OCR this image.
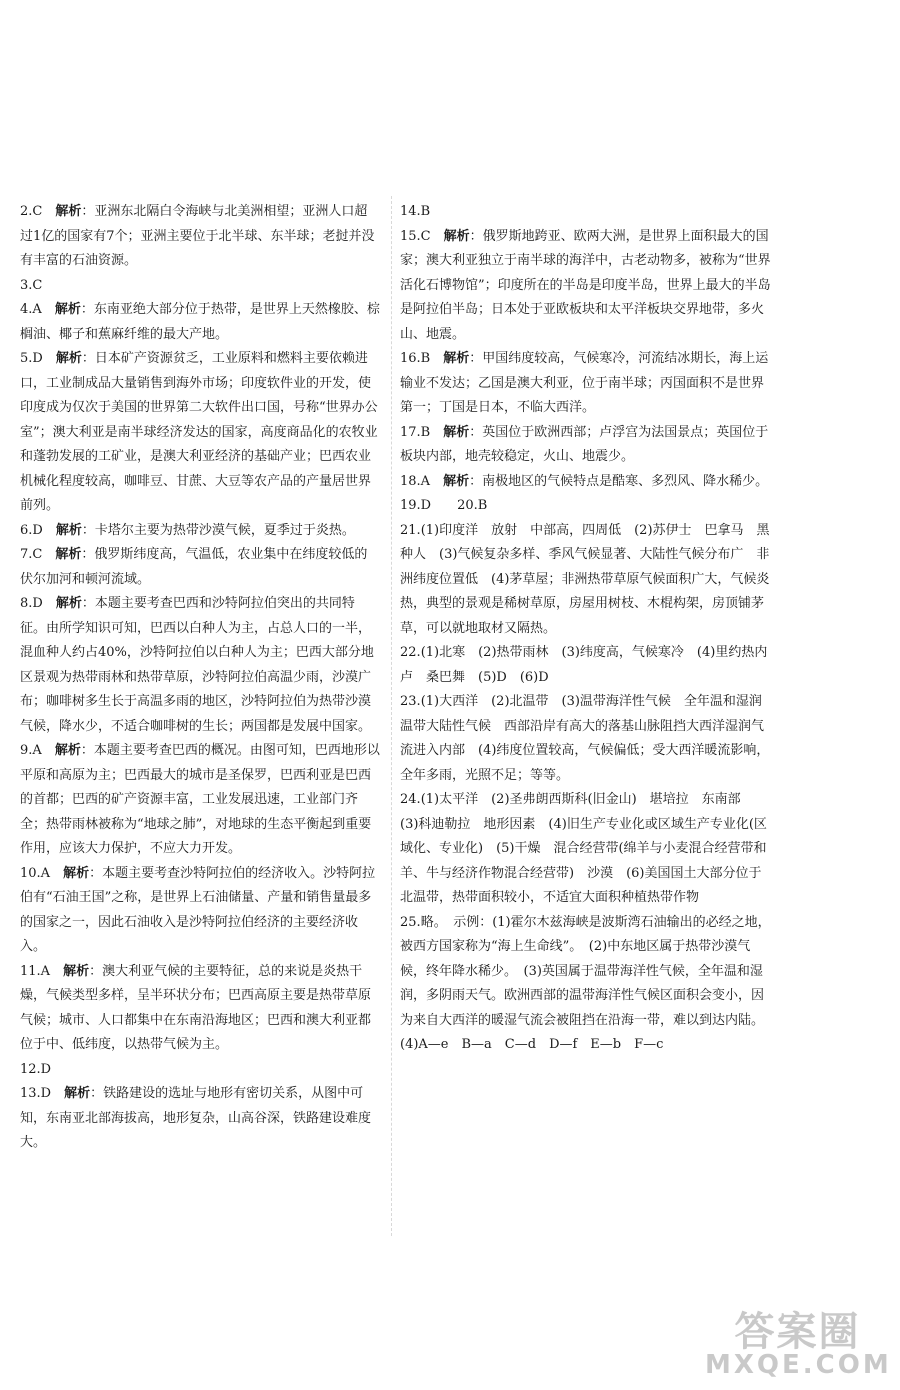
2.C　 解析：亚洲东北隔白令海峡与北美洲相望；亚洲人口超过1亿的国家有7个；亚洲主要位于北半球、东半球；老挝并没有丰富的石油资源。

3.C

4.A　 解析：东南亚绝大部分位于热带，是世界上天然橡胶、棕榈油、椰子和蕉麻纤维的最大产地。

5.D　 解析：日本矿产资源贫乏，工业原料和燃料主要依赖进口，工业制成品大量销售到海外市场；印度软件业的开发，使印度成为仅次于美国的世界第二大软件出口国，号称“世界办公室”；澳大利亚是南半球经济发达的国家，高度商品化的农牧业和蓬勃发展的工矿业，是澳大利亚经济的基础产业；巴西农业机械化程度较高，咖啡豆、甘蔗、大豆等农产品的产量居世界前列。

6.D　 解析：卡塔尔主要为热带沙漠气候，夏季过于炎热。

7.C　 解析：俄罗斯纬度高，气温低，农业集中在纬度较低的伏尔加河和顿河流域。

8.D　 解析：本题主要考查巴西和沙特阿拉伯突出的共同特征。由所学知识可知，巴西以白种人为主，占总人口的一半，混血种人约占40%，沙特阿拉伯以白种人为主；巴西大部分地区景观为热带雨林和热带草原，沙特阿拉伯高温少雨，沙漠广布；咖啡树多生长于高温多雨的地区，沙特阿拉伯为热带沙漠气候，降水少，不适合咖啡树的生长；两国都是发展中国家。

9.A　 解析：本题主要考查巴西的概况。由图可知，巴西地形以平原和高原为主；巴西最大的城市是圣保罗，巴西利亚是巴西的首都；巴西的矿产资源丰富，工业发展迅速，工业部门齐全；热带雨林被称为“地球之肺”，对地球的生态平衡起到重要作用，应该大力保护，不应大力开发。

10.A　 解析：本题主要考查沙特阿拉伯的经济收入。沙特阿拉伯有“石油王国”之称，是世界上石油储量、产量和销售量最多的国家之一，因此石油收入是沙特阿拉伯经济的主要经济收入。

11.A　 解析：澳大利亚气候的主要特征，总的来说是炎热干燥，气候类型多样，呈半环状分布；巴西高原主要是热带草原气候；城市、人口都集中在东南沿海地区；巴西和澳大利亚都位于中、低纬度，以热带气候为主。

12.D

13.D　 解析：铁路建设的选址与地形有密切关系，从图中可知，东南亚北部海拔高，地形复杂，山高谷深，铁路建设难度大。

14.B

15.C　 解析：俄罗斯地跨亚、欧两大洲，是世界上面积最大的国家；澳大利亚独立于南半球的海洋中，古老动物多，被称为“世界活化石博物馆”；印度所在的半岛是印度半岛，世界上最大的半岛是阿拉伯半岛；日本处于亚欧板块和太平洋板块交界地带，多火山、地震。

16.B　 解析：甲国纬度较高，气候寒冷，河流结冰期长，海上运输业不发达；乙国是澳大利亚，位于南半球；丙国面积不是世界第一；丁国是日本，不临大西洋。

17.B　 解析：英国位于欧洲西部；卢浮宫为法国景点；英国位于板块内部，地壳较稳定，火山、地震少。

18.A　 解析：南极地区的气候特点是酷寒、多烈风、降水稀少。

19.D　　20.B

21.(1)印度洋　放射　中部高，四周低　(2)苏伊士　巴拿马　黑种人　(3)气候复杂多样、季风气候显著、大陆性气候分布广　非洲纬度位置低　(4)茅草屋；非洲热带草原气候面积广大，气候炎热，典型的景观是稀树草原，房屋用树枝、木棍构架，房顶铺茅草，可以就地取材又隔热。

22.(1)北寒　(2)热带雨林　(3)纬度高，气候寒冷　(4)里约热内卢　桑巴舞　(5)D　(6)D

23.(1)大西洋　(2)北温带　(3)温带海洋性气候　全年温和湿润　温带大陆性气候　西部沿岸有高大的落基山脉阻挡大西洋湿润气流进入内部　(4)纬度位置较高，气候偏低；受大西洋暖流影响，全年多雨，光照不足；等等。

24.(1)太平洋　(2)圣弗朗西斯科(旧金山)　堪培拉　东南部　(3)科迪勒拉　地形因素　(4)旧生产专业化或区域生产专业化(区域化、专业化)　(5)干燥　混合经营带(绵羊与小麦混合经营带和羊、牛与经济作物混合经营带)　沙漠　(6)美国国土大部分位于北温带，热带面积较小，不适宜大面积种植热带作物

25.略。　示例：(1)霍尔木兹海峡是波斯湾石油输出的必经之地，被西方国家称为“海上生命线”。　(2)中东地区属于热带沙漠气候，终年降水稀少。　(3)英国属于温带海洋性气候，全年温和湿润，多阴雨天气。欧洲西部的温带海洋性气候区面积会变小，因为来自大西洋的暖湿气流会被阻挡在沿海一带，难以到达内陆。

(4)A—e　B—a　C—d　D—f　E—b　F—c

答案圈
MXQE.COM
